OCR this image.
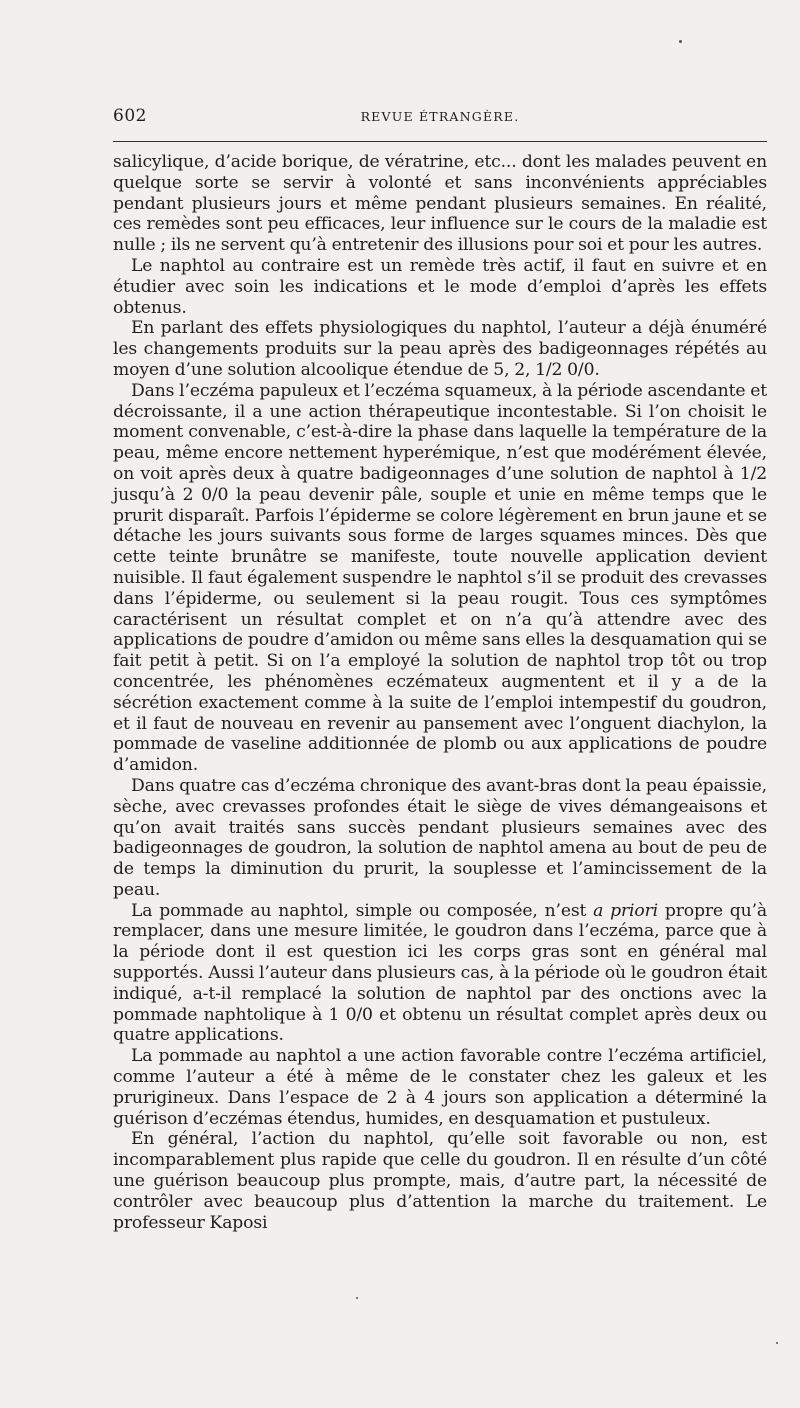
602	REVUE ÉTRANGÈRE.

salicylique, d’acide borique, de vératrine, etc... dont les malades peuvent en quelque sorte se servir à volonté et sans inconvénients appréciables pendant plusieurs jours et même pendant plusieurs semaines. En réalité, ces remèdes sont peu efficaces, leur influence sur le cours de la maladie est nulle ; ils ne servent qu’à entretenir des illusions pour soi et pour les autres.

Le naphtol au contraire est un remède très actif, il faut en suivre et en étudier avec soin les indications et le mode d’emploi d’après les effets obtenus.

En parlant des effets physiologiques du naphtol, l’auteur a déjà énuméré les changements produits sur la peau après des badigeonnages répétés au moyen d’une solution alcoolique étendue de 5, 2, 1/2 0/0.

Dans l’eczéma papuleux et l’eczéma squameux, à la période ascendante et décroissante, il a une action thérapeutique incontestable. Si l’on choisit le moment convenable, c’est-à-dire la phase dans laquelle la température de la peau, même encore nettement hyperémique, n’est que modérément élevée, on voit après deux à quatre badigeonnages d’une solution de naphtol à 1/2 jusqu’à 2 0/0 la peau devenir pâle, souple et unie en même temps que le prurit disparaît. Parfois l’épiderme se colore légèrement en brun jaune et se détache les jours suivants sous forme de larges squames minces. Dès que cette teinte brunâtre se manifeste, toute nouvelle application devient nuisible. Il faut également suspendre le naphtol s’il se produit des crevasses dans l’épiderme, ou seulement si la peau rougit. Tous ces symptômes caractérisent un résultat complet et on n’a qu’à attendre avec des applications de poudre d’amidon ou même sans elles la desquamation qui se fait petit à petit. Si on l’a employé la solution de naphtol trop tôt ou trop concentrée, les phénomènes eczémateux augmentent et il y a de la sécrétion exactement comme à la suite de l’emploi intempestif du goudron, et il faut de nouveau en revenir au pansement avec l’onguent diachylon, la pommade de vaseline additionnée de plomb ou aux applications de poudre d’amidon.

Dans quatre cas d’eczéma chronique des avant-bras dont la peau épaissie, sèche, avec crevasses profondes était le siège de vives démangeaisons et qu’on avait traités sans succès pendant plusieurs semaines avec des badigeonnages de goudron, la solution de naphtol amena au bout de peu de de temps la diminution du prurit, la souplesse et l’amincissement de la peau.

La pommade au naphtol, simple ou composée, n’est a priori propre qu’à remplacer, dans une mesure limitée, le goudron dans l’eczéma, parce que à la période dont il est question ici les corps gras sont en général mal supportés. Aussi l’auteur dans plusieurs cas, à la période où le goudron était indiqué, a-t-il remplacé la solution de naphtol par des onctions avec la pommade naphtolique à 1 0/0 et obtenu un résultat complet après deux ou quatre applications.

La pommade au naphtol a une action favorable contre l’eczéma artificiel, comme l’auteur a été à même de le constater chez les galeux et les prurigineux. Dans l’espace de 2 à 4 jours son application a déterminé la guérison d’eczémas étendus, humides, en desquamation et pustuleux.

En général, l’action du naphtol, qu’elle soit favorable ou non, est incomparablement plus rapide que celle du goudron. Il en résulte d’un côté une guérison beaucoup plus prompte, mais, d’autre part, la nécessité de contrôler avec beaucoup plus d’attention la marche du traitement. Le professeur Kaposi
